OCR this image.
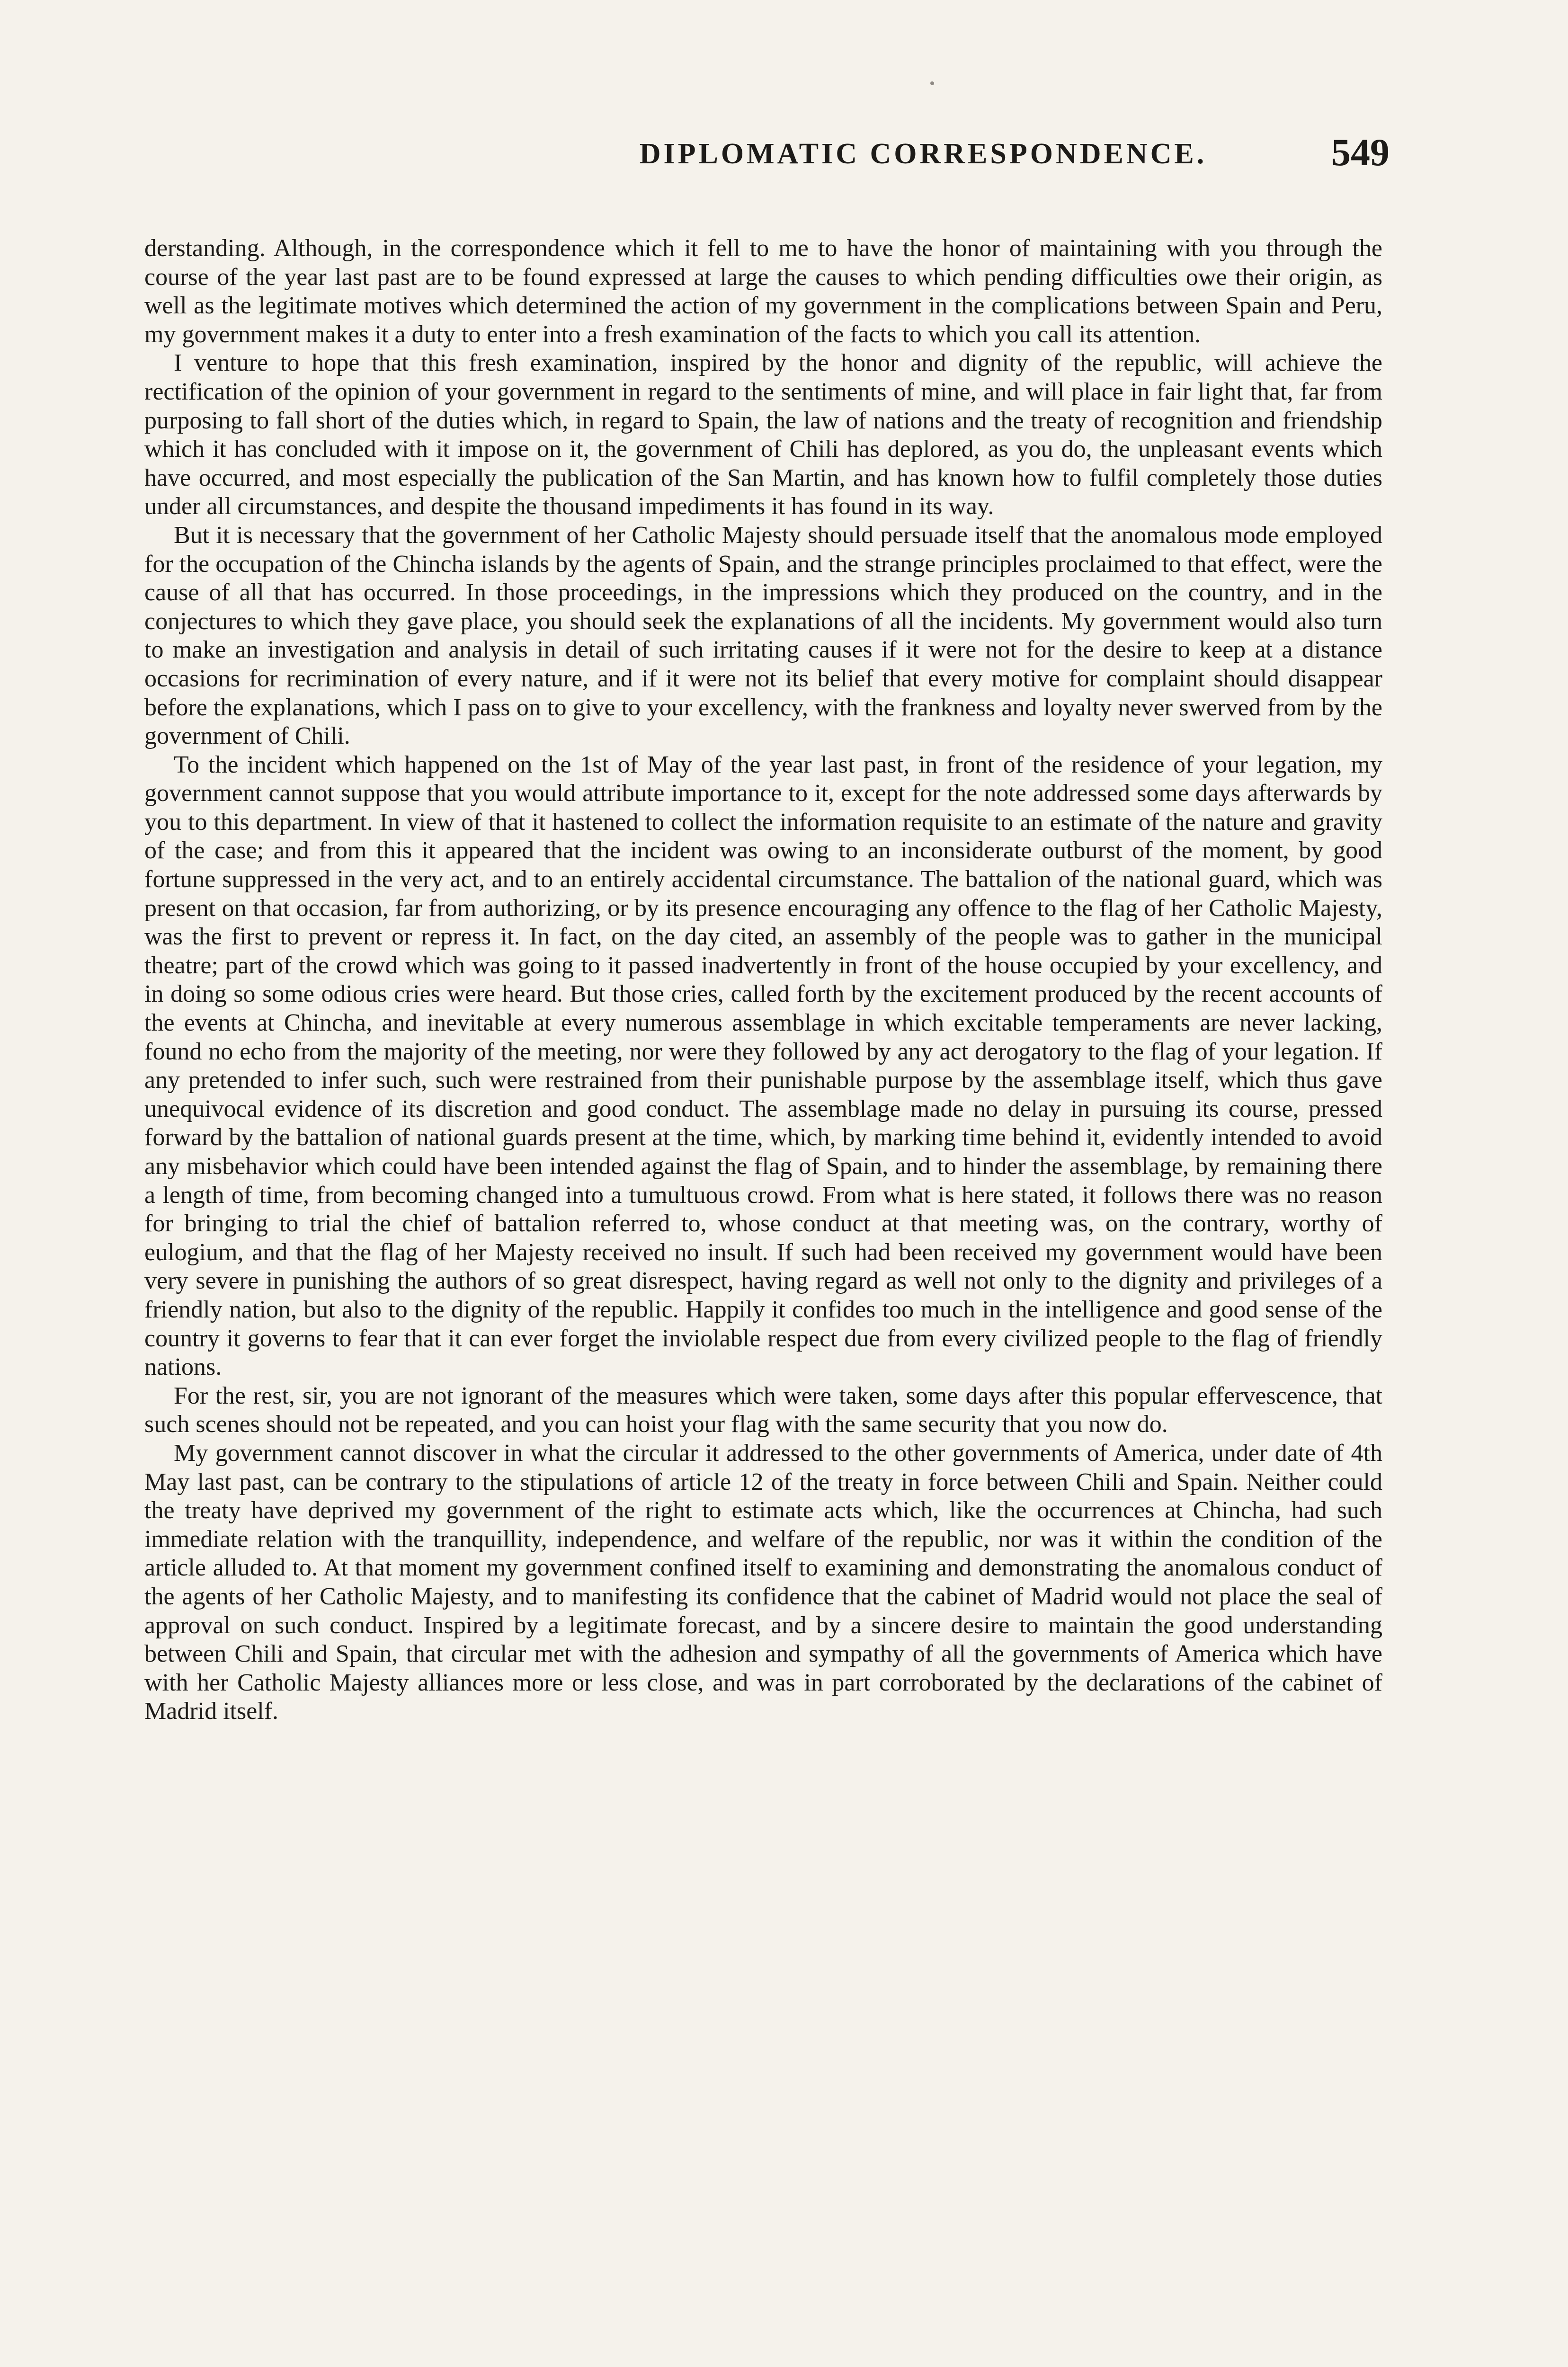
DIPLOMATIC CORRESPONDENCE.	549

derstanding. Although, in the correspondence which it fell to me to have the honor of maintaining with you through the course of the year last past are to be found expressed at large the causes to which pending difficulties owe their origin, as well as the legitimate motives which determined the action of my government in the complications between Spain and Peru, my government makes it a duty to enter into a fresh examination of the facts to which you call its attention.

I venture to hope that this fresh examination, inspired by the honor and dignity of the republic, will achieve the rectification of the opinion of your government in regard to the sentiments of mine, and will place in fair light that, far from purposing to fall short of the duties which, in regard to Spain, the law of nations and the treaty of recognition and friendship which it has concluded with it impose on it, the government of Chili has deplored, as you do, the unpleasant events which have occurred, and most especially the publication of the San Martin, and has known how to fulfil completely those duties under all circumstances, and despite the thousand impediments it has found in its way.

But it is necessary that the government of her Catholic Majesty should persuade itself that the anomalous mode employed for the occupation of the Chincha islands by the agents of Spain, and the strange principles proclaimed to that effect, were the cause of all that has occurred. In those proceedings, in the impressions which they produced on the country, and in the conjectures to which they gave place, you should seek the explanations of all the incidents. My government would also turn to make an investigation and analysis in detail of such irritating causes if it were not for the desire to keep at a distance occasions for recrimination of every nature, and if it were not its belief that every motive for complaint should disappear before the explanations, which I pass on to give to your excellency, with the frankness and loyalty never swerved from by the government of Chili.

To the incident which happened on the 1st of May of the year last past, in front of the residence of your legation, my government cannot suppose that you would attribute importance to it, except for the note addressed some days afterwards by you to this department. In view of that it hastened to collect the information requisite to an estimate of the nature and gravity of the case; and from this it appeared that the incident was owing to an inconsiderate outburst of the moment, by good fortune suppressed in the very act, and to an entirely accidental circumstance. The battalion of the national guard, which was present on that occasion, far from authorizing, or by its presence encouraging any offence to the flag of her Catholic Majesty, was the first to prevent or repress it. In fact, on the day cited, an assembly of the people was to gather in the municipal theatre; part of the crowd which was going to it passed inadvertently in front of the house occupied by your excellency, and in doing so some odious cries were heard. But those cries, called forth by the excitement produced by the recent accounts of the events at Chincha, and inevitable at every numerous assemblage in which excitable temperaments are never lacking, found no echo from the majority of the meeting, nor were they followed by any act derogatory to the flag of your legation. If any pretended to infer such, such were restrained from their punishable purpose by the assemblage itself, which thus gave unequivocal evidence of its discretion and good conduct. The assemblage made no delay in pursuing its course, pressed forward by the battalion of national guards present at the time, which, by marking time behind it, evidently intended to avoid any misbehavior which could have been intended against the flag of Spain, and to hinder the assemblage, by remaining there a length of time, from becoming changed into a tumultuous crowd. From what is here stated, it follows there was no reason for bringing to trial the chief of battalion referred to, whose conduct at that meeting was, on the contrary, worthy of eulogium, and that the flag of her Majesty received no insult. If such had been received my government would have been very severe in punishing the authors of so great disrespect, having regard as well not only to the dignity and privileges of a friendly nation, but also to the dignity of the republic. Happily it confides too much in the intelligence and good sense of the country it governs to fear that it can ever forget the inviolable respect due from every civilized people to the flag of friendly nations.

For the rest, sir, you are not ignorant of the measures which were taken, some days after this popular effervescence, that such scenes should not be repeated, and you can hoist your flag with the same security that you now do.

My government cannot discover in what the circular it addressed to the other governments of America, under date of 4th May last past, can be contrary to the stipulations of article 12 of the treaty in force between Chili and Spain. Neither could the treaty have deprived my government of the right to estimate acts which, like the occurrences at Chincha, had such immediate relation with the tranquillity, independence, and welfare of the republic, nor was it within the condition of the article alluded to. At that moment my government confined itself to examining and demonstrating the anomalous conduct of the agents of her Catholic Majesty, and to manifesting its confidence that the cabinet of Madrid would not place the seal of approval on such conduct. Inspired by a legitimate forecast, and by a sincere desire to maintain the good understanding between Chili and Spain, that circular met with the adhesion and sympathy of all the governments of America which have with her Catholic Majesty alliances more or less close, and was in part corroborated by the declarations of the cabinet of Madrid itself.
